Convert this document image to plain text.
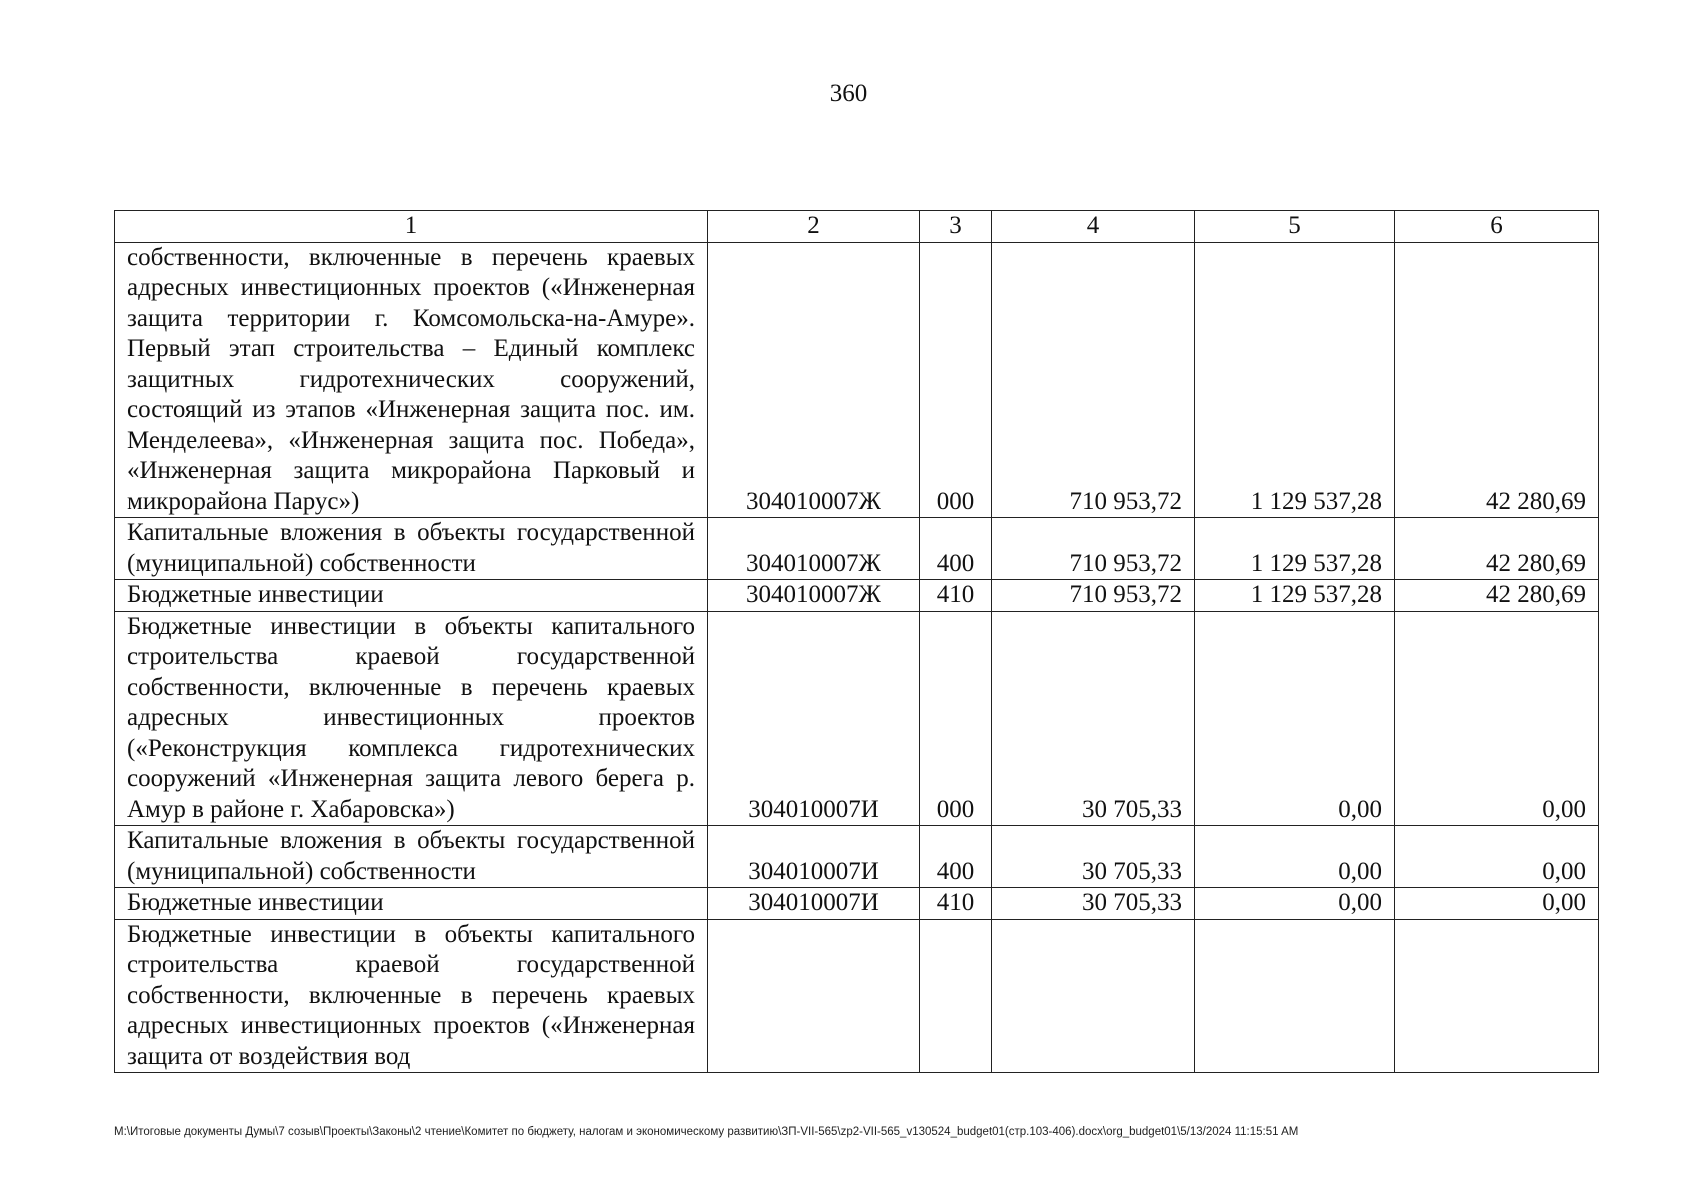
360
1	2	3	4	5	6
собственности, включенные в перечень краевых адресных инвестиционных проектов («Инженерная защита территории г. Комсомольска-на-Амуре». Первый этап строительства – Единый комплекс защитных гидротехнических сооружений, состоящий из этапов «Инженерная защита пос. им. Менделеева», «Инженерная защита пос. Победа», «Инженерная защита микрорайона Парковый и микрорайона Парус»)	304010007Ж	000	710 953,72	1 129 537,28	42 280,69
Капитальные вложения в объекты государственной (муниципальной) собственности	304010007Ж	400	710 953,72	1 129 537,28	42 280,69
Бюджетные инвестиции	304010007Ж	410	710 953,72	1 129 537,28	42 280,69
Бюджетные инвестиции в объекты капитального строительства краевой государственной собственности, включенные в перечень краевых адресных инвестиционных проектов («Реконструкция комплекса гидротехнических сооружений «Инженерная защита левого берега р. Амур в районе г. Хабаровска»)	304010007И	000	30 705,33	0,00	0,00
Капитальные вложения в объекты государственной (муниципальной) собственности	304010007И	400	30 705,33	0,00	0,00
Бюджетные инвестиции	304010007И	410	30 705,33	0,00	0,00
Бюджетные инвестиции в объекты капитального строительства краевой государственной собственности, включенные в перечень краевых адресных инвестиционных проектов («Инженерная защита от воздействия вод					
M:\Итоговые документы Думы\7 созыв\Проекты\Законы\2 чтение\Комитет по бюджету, налогам и экономическому развитию\ЗП-VII-565\zp2-VII-565_v130524_budget01(стр.103-406).docx\org_budget01\5/13/2024 11:15:51 AM
